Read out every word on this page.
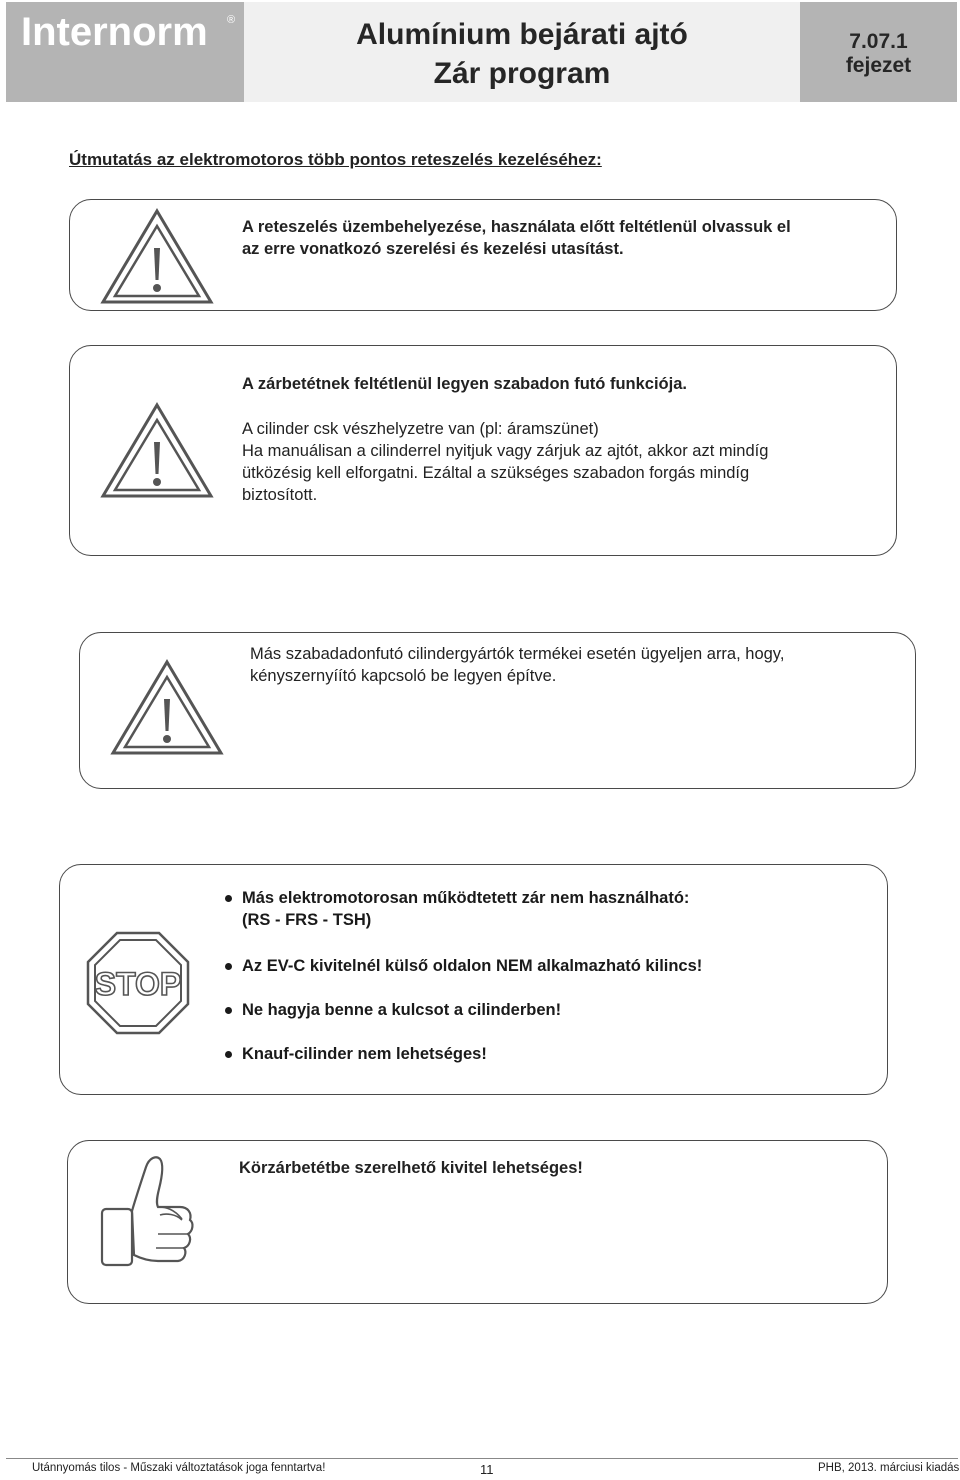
Internorm ®	Alumínium bejárati ajtó
Zár program
7.07.1
fejezet
Útmutatás az elektromotoros több pontos reteszelés kezeléséhez:
A reteszelés üzembehelyezése, használata előtt feltétlenül olvassuk el
az erre vonatkozó szerelési és kezelési utasítást.
A zárbetétnek feltétlenül legyen szabadon futó funkciója.
A cilinder csk vészhelyzetre van (pl: áramszünet)
Ha manuálisan a cilinderrel nyitjuk vagy zárjuk az ajtót, akkor azt mindíg
ütközésig kell elforgatni. Ezáltal a szükséges szabadon forgás mindíg
biztosított.
Más szabadadonfutó cilindergyártók termékei esetén ügyeljen arra, hogy,
kényszernyíító kapcsoló be legyen építve.
STOP
Más elektromotorosan működtetett zár nem használható:
(RS - FRS - TSH)
Az EV-C kivitelnél külső oldalon NEM alkalmazható kilincs!
Ne hagyja benne a kulcsot a cilinderben!
Knauf-cilinder nem lehetséges!
Körzárbetétbe szerelhető kivitel lehetséges!
Utánnyomás tilos - Műszaki változtatások joga fenntartva!	11	PHB, 2013. márciusi kiadás
